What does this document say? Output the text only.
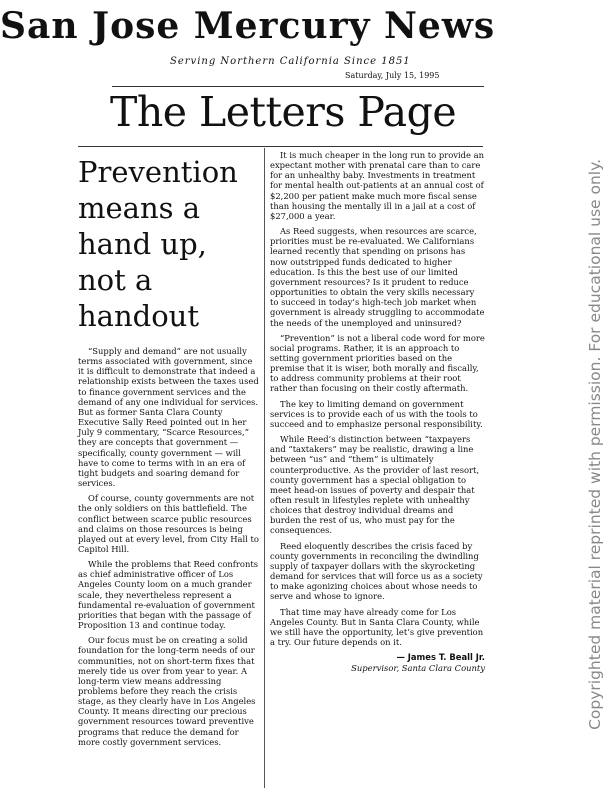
San Jose Mercury News
Serving Northern California Since 1851
Saturday, July 15, 1995
The Letters Page
Prevention means a hand up, not a handout

“Supply and demand” are not usually terms associated with government, since it is difficult to demonstrate that indeed a relationship exists between the taxes used to finance government services and the demand of any one individual for services. But as former Santa Clara County Executive Sally Reed pointed out in her July 9 commentary, “Scarce Resources,” they are concepts that government — specifically, county government — will have to come to terms with in an era of tight budgets and soaring demand for services.

Of course, county governments are not the only soldiers on this battlefield. The conflict between scarce public resources and claims on those resources is being played out at every level, from City Hall to Capitol Hill.

While the problems that Reed confronts as chief administrative officer of Los Angeles County loom on a much grander scale, they nevertheless represent a fundamental re-evaluation of government priorities that began with the passage of Proposition 13 and continue today.

Our focus must be on creating a solid foundation for the long-term needs of our communities, not on short-term fixes that merely tide us over from year to year. A long-term view means addressing problems before they reach the crisis stage, as they clearly have in Los Angeles County. It means directing our precious government resources toward preventive programs that reduce the demand for more costly government services.

It is much cheaper in the long run to provide an expectant mother with prenatal care than to care for an unhealthy baby. Investments in treatment for mental health out-patients at an annual cost of $2,200 per patient make much more fiscal sense than housing the mentally ill in a jail at a cost of $27,000 a year.

As Reed suggests, when resources are scarce, priorities must be re-evaluated. We Californians learned recently that spending on prisons has now outstripped funds dedicated to higher education. Is this the best use of our limited government resources? Is it prudent to reduce opportunities to obtain the very skills necessary to succeed in today’s high-tech job market when government is already struggling to accommodate the needs of the unemployed and uninsured?

“Prevention” is not a liberal code word for more social programs. Rather, it is an approach to setting government priorities based on the premise that it is wiser, both morally and fiscally, to address community problems at their root rather than focusing on their costly aftermath.

The key to limiting demand on government services is to provide each of us with the tools to succeed and to emphasize personal responsibility.

While Reed’s distinction between “taxpayers and “taxtakers” may be realistic, drawing a line between “us” and “them” is ultimately counterproductive. As the provider of last resort, county government has a special obligation to meet head-on issues of poverty and despair that often result in lifestyles replete with unhealthy choices that destroy individual dreams and burden the rest of us, who must pay for the consequences.

Reed eloquently describes the crisis faced by county governments in reconciling the dwindling supply of taxpayer dollars with the skyrocketing demand for services that will force us as a society to make agonizing choices about whose needs to serve and whose to ignore.

That time may have already come for Los Angeles County. But in Santa Clara County, while we still have the opportunity, let’s give prevention a try. Our future depends on it.

— James T. Beall Jr.
Supervisor, Santa Clara County	Copyrighted material reprinted with permission. For educational use only.
